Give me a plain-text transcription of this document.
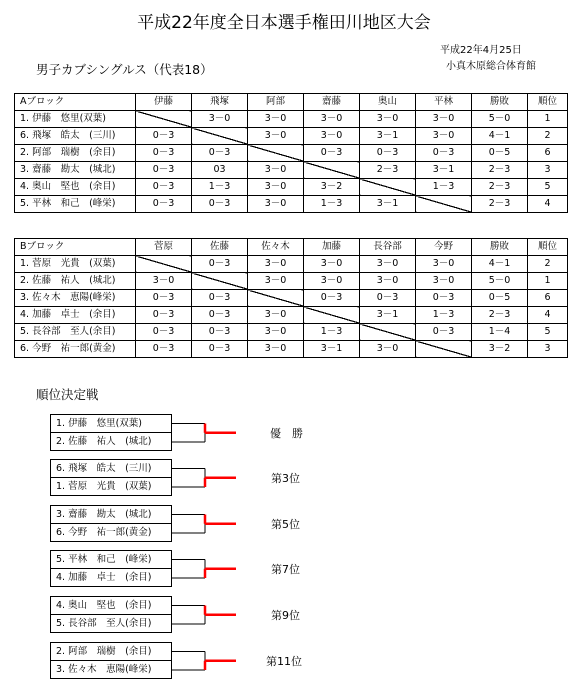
平成22年度全日本選手権田川地区大会
平成22年4月25日
小真木原総合体育館
男子カブシングルス（代表18）
Aブロック	伊藤	飛塚	阿部	齋藤	奥山	平林	勝敗	順位
1. 伊藤　悠里(双葉)		3－0	3－0	3－0	3－0	3－0	5－0	1
6. 飛塚　皓太　(三川)	0－3		3－0	3－0	3－1	3－0	4－1	2
2. 阿部　瑞樹　(余目)	0－3	0－3		0－3	0－3	0－3	0－5	6
3. 齋藤　勘太　(城北)	0－3	03	3－0		2－3	3－1	2－3	3
4. 奥山　堅也　(余目)	0－3	1－3	3－0	3－2		1－3	2－3	5
5. 平林　和己　(峰栄)	0－3	0－3	3－0	1－3	3－1		2－3	4
Bブロック	菅原	佐藤	佐々木	加藤	長谷部	今野	勝敗	順位
1. 菅原　光貴　(双葉)		0－3	3－0	3－0	3－0	3－0	4－1	2
2. 佐藤　祐人　(城北)	3－0		3－0	3－0	3－0	3－0	5－0	1
3. 佐々木　恵陽(峰栄)	0－3	0－3		0－3	0－3	0－3	0－5	6
4. 加藤　卓士　(余目)	0－3	0－3	3－0		3－1	1－3	2－3	4
5. 長谷部　至人(余目)	0－3	0－3	3－0	1－3		0－3	1－4	5
6. 今野　祐一郎(黄金)	0－3	0－3	3－0	3－1	3－0		3－2	3
順位決定戦
1. 伊藤　悠里(双葉)
2. 佐藤　祐人　(城北)
優　勝
6. 飛塚　皓太　(三川)
1. 菅原　光貴　(双葉)
第3位
3. 齋藤　勘太　(城北)
6. 今野　祐一郎(黄金)
第5位
5. 平林　和己　(峰栄)
4. 加藤　卓士　(余目)
第7位
4. 奥山　堅也　(余目)
5. 長谷部　至人(余目)
第9位
2. 阿部　瑞樹　(余目)
3. 佐々木　恵陽(峰栄)
第11位
